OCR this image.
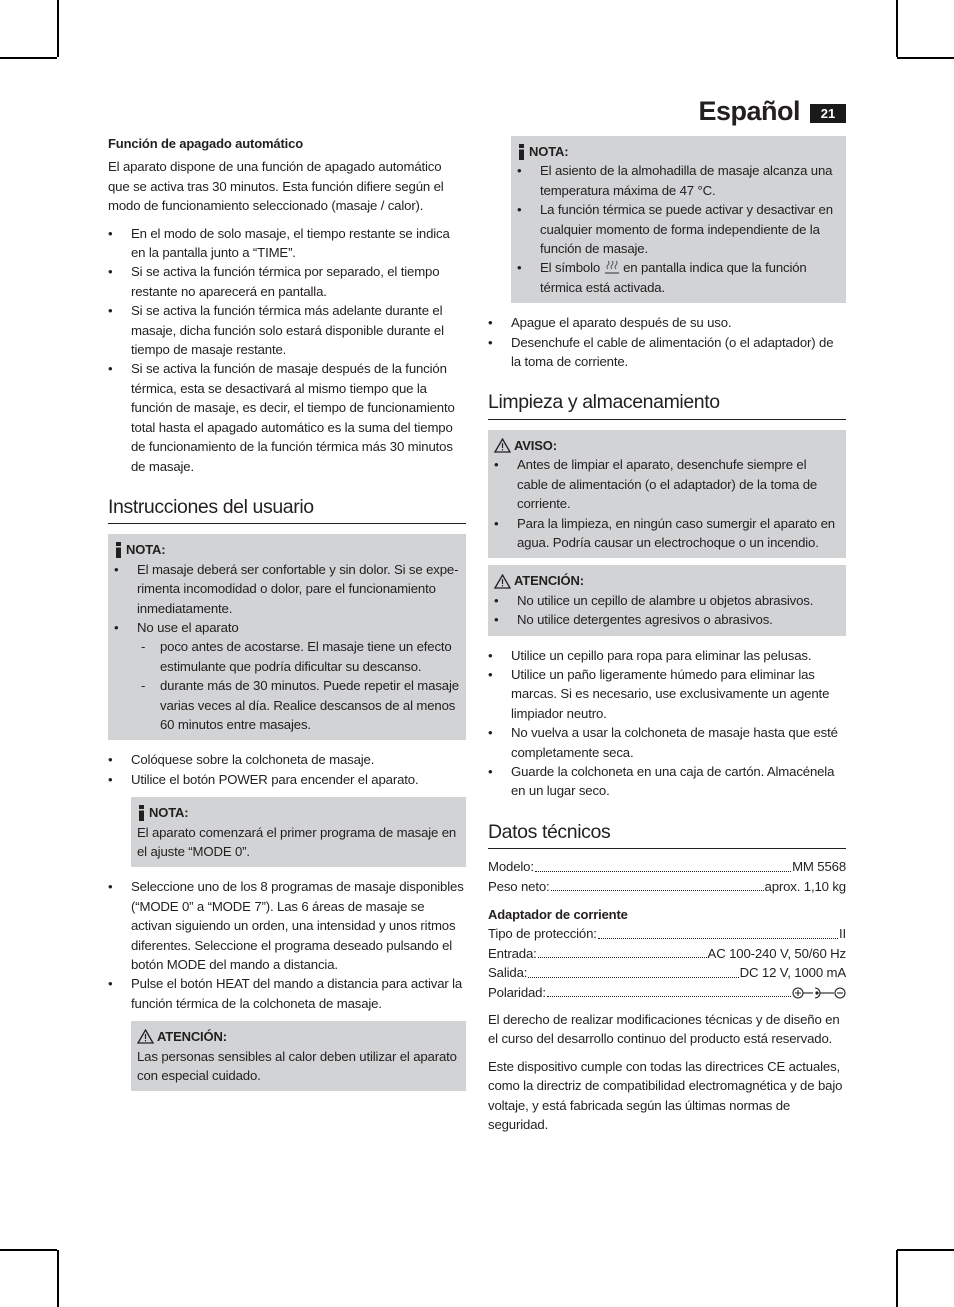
Español	21
Función de apagado automático

El aparato dispone de una función de apagado automático que se activa tras 30 minutos. Esta función difiere según el modo de funcionamiento seleccionado (masaje / calor).

• En el modo de solo masaje, el tiempo restante se indica en la pantalla junto a “TIME”.
• Si se activa la función térmica por separado, el tiempo restante no aparecerá en pantalla.
• Si se activa la función térmica más adelante durante el masaje, dicha función solo estará disponible durante el tiempo de masaje restante.
• Si se activa la función de masaje después de la función térmica, esta se desactivará al mismo tiempo que la función de masaje, es decir, el tiempo de funcionamiento total hasta el apagado automático es la suma del tiempo de funcionamiento de la función térmica más 30 minutos de masaje.
Instrucciones del usuario
NOTA:
• El masaje deberá ser confortable y sin dolor. Si se experimenta incomodidad o dolor, pare el funcionamiento inmediatamente.
• No use el aparato
- poco antes de acostarse. El masaje tiene un efecto estimulante que podría dificultar su descanso.
- durante más de 30 minutos. Puede repetir el masaje varias veces al día. Realice descansos de al menos 60 minutos entre masajes.
• Colóquese sobre la colchoneta de masaje.
• Utilice el botón POWER para encender el aparato.
NOTA:
El aparato comenzará el primer programa de masaje en el ajuste “MODE 0”.
• Seleccione uno de los 8 programas de masaje disponibles (“MODE 0” a “MODE 7”). Las 6 áreas de masaje se activan siguiendo un orden, una intensidad y unos ritmos diferentes. Seleccione el programa deseado pulsando el botón MODE del mando a distancia.
• Pulse el botón HEAT del mando a distancia para activar la función térmica de la colchoneta de masaje.
ATENCIÓN:
Las personas sensibles al calor deben utilizar el aparato con especial cuidado.
NOTA:
• El asiento de la almohadilla de masaje alcanza una temperatura máxima de 47 °C.
• La función térmica se puede activar y desactivar en cualquier momento de forma independiente de la función de masaje.
• El símbolo en pantalla indica que la función térmica está activada.
• Apague el aparato después de su uso.
• Desenchufe el cable de alimentación (o el adaptador) de la toma de corriente.
Limpieza y almacenamiento
AVISO:
• Antes de limpiar el aparato, desenchufe siempre el cable de alimentación (o el adaptador) de la toma de corriente.
• Para la limpieza, en ningún caso sumergir el aparato en agua. Podría causar un electrochoque o un incendio.
ATENCIÓN:
• No utilice un cepillo de alambre u objetos abrasivos.
• No utilice detergentes agresivos o abrasivos.
• Utilice un cepillo para ropa para eliminar las pelusas.
• Utilice un paño ligeramente húmedo para eliminar las marcas. Si es necesario, use exclusivamente un agente limpiador neutro.
• No vuelva a usar la colchoneta de masaje hasta que esté completamente seca.
• Guarde la colchoneta en una caja de cartón. Almacénela en un lugar seco.
Datos técnicos
Modelo:	MM 5568
Peso neto:	aprox. 1,10 kg
Adaptador de corriente
Tipo de protección:	II
Entrada:	AC 100-240 V, 50/60 Hz
Salida:	DC 12 V, 1000 mA
Polaridad:

El derecho de realizar modificaciones técnicas y de diseño en el curso del desarrollo continuo del producto está reservado.

Este dispositivo cumple con todas las directrices CE actuales, como la directriz de compatibilidad electromagnética y de bajo voltaje, y está fabricada según las últimas normas de seguridad.
